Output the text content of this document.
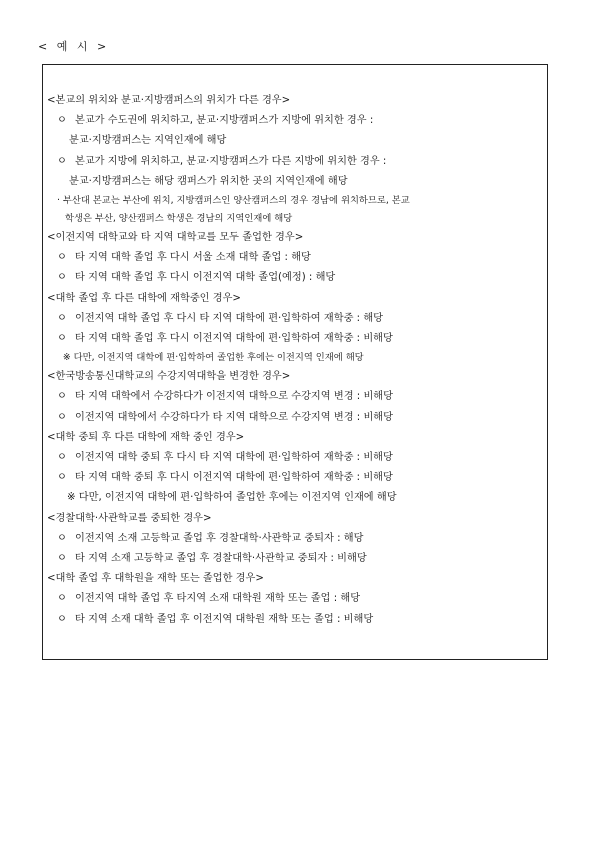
< 예 시 >
<본교의 위치와 분교·지방캠퍼스의 위치가 다른 경우>
ㅇ 본교가 수도권에 위치하고, 분교·지방캠퍼스가 지방에 위치한 경우 :
분교·지방캠퍼스는 지역인재에 해당
ㅇ 본교가 지방에 위치하고, 분교·지방캠퍼스가 다른 지방에 위치한 경우 :
분교·지방캠퍼스는 해당 캠퍼스가 위치한 곳의 지역인재에 해당
· 부산대 본교는 부산에 위치, 지방캠퍼스인 양산캠퍼스의 경우 경남에 위치하므로, 본교
학생은 부산, 양산캠퍼스 학생은 경남의 지역인재에 해당
<이전지역 대학교와 타 지역 대학교를 모두 졸업한 경우>
ㅇ 타 지역 대학 졸업 후 다시 서울 소재 대학 졸업 : 해당
ㅇ 타 지역 대학 졸업 후 다시 이전지역 대학 졸업(예정) : 해당
<대학 졸업 후 다른 대학에 재학중인 경우>
ㅇ 이전지역 대학 졸업 후 다시 타 지역 대학에 편·입학하여 재학중 : 해당
ㅇ 타 지역 대학 졸업 후 다시 이전지역 대학에 편·입학하여 재학중 : 비해당
※ 다만, 이전지역 대학에 편·입학하여 졸업한 후에는 이전지역 인재에 해당
<한국방송통신대학교의 수강지역대학을 변경한 경우>
ㅇ 타 지역 대학에서 수강하다가 이전지역 대학으로 수강지역 변경 : 비해당
ㅇ 이전지역 대학에서 수강하다가 타 지역 대학으로 수강지역 변경 : 비해당
<대학 중퇴 후 다른 대학에 재학 중인 경우>
ㅇ 이전지역 대학 중퇴 후 다시 타 지역 대학에 편·입학하여 재학중 : 비해당
ㅇ 타 지역 대학 중퇴 후 다시 이전지역 대학에 편·입학하여 재학중 : 비해당
※ 다만, 이전지역 대학에 편·입학하여 졸업한 후에는 이전지역 인재에 해당
<경찰대학·사관학교를 중퇴한 경우>
ㅇ 이전지역 소재 고등학교 졸업 후 경찰대학·사관학교 중퇴자 : 해당
ㅇ 타 지역 소재 고등학교 졸업 후 경찰대학·사관학교 중퇴자 : 비해당
<대학 졸업 후 대학원을 재학 또는 졸업한 경우>
ㅇ 이전지역 대학 졸업 후 타지역 소재 대학원 재학 또는 졸업 : 해당
ㅇ 타 지역 소재 대학 졸업 후 이전지역 대학원 재학 또는 졸업 : 비해당
